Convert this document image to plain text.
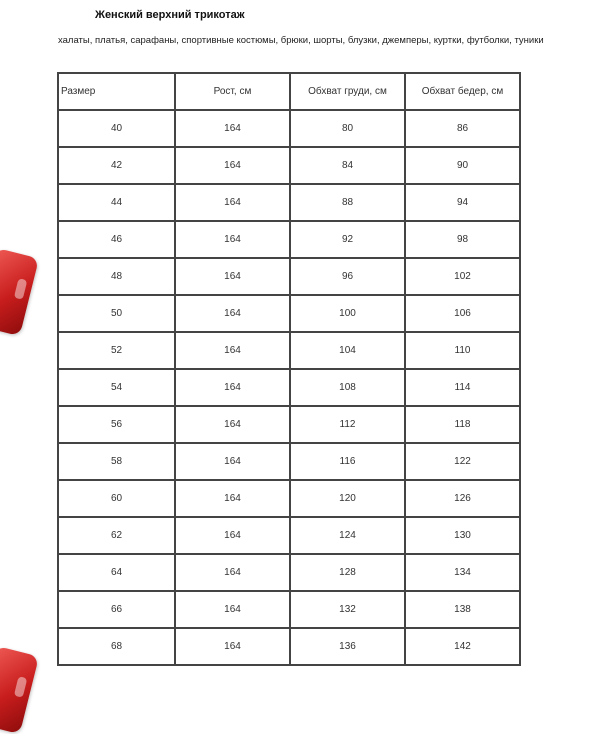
Женский верхний трикотаж
халаты, платья, сарафаны, спортивные костюмы, брюки, шорты, блузки, джемперы, куртки, футболки, туники
Размер	Рост, см	Обхват груди, см	Обхват бедер, см
40	164	80	86
42	164	84	90
44	164	88	94
46	164	92	98
48	164	96	102
50	164	100	106
52	164	104	110
54	164	108	114
56	164	112	118
58	164	116	122
60	164	120	126
62	164	124	130
64	164	128	134
66	164	132	138
68	164	136	142
